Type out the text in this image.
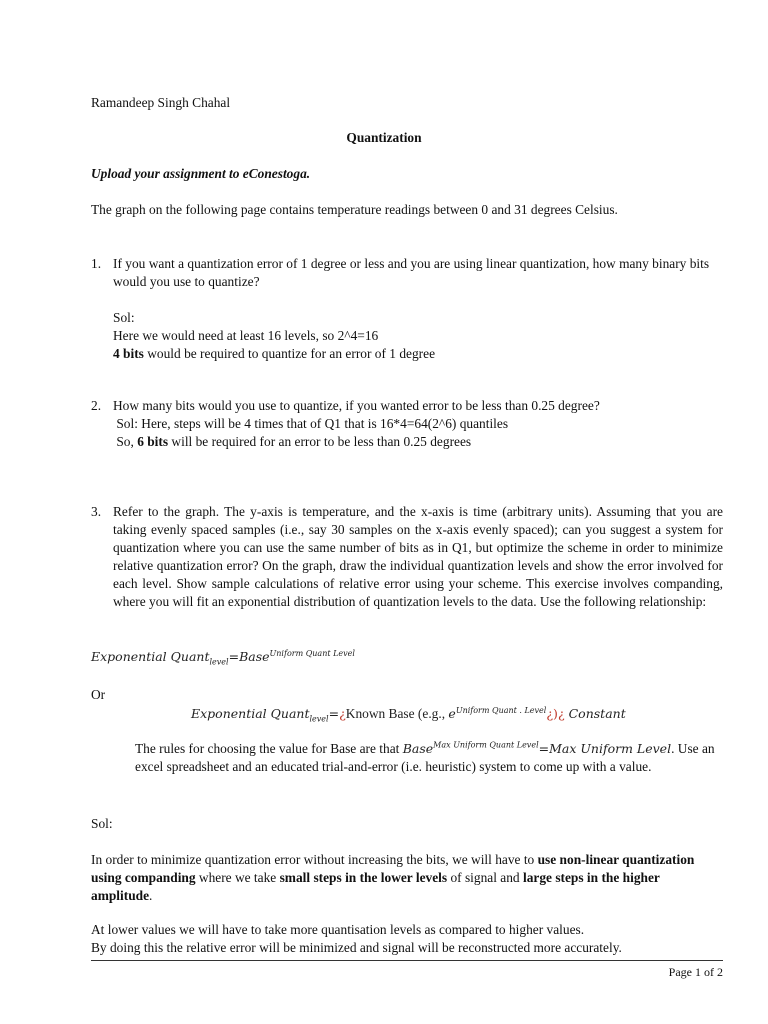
Ramandeep Singh Chahal
Quantization
Upload your assignment to eConestoga.
The graph on the following page contains temperature readings between 0 and 31 degrees Celsius.
1. If you want a quantization error of 1 degree or less and you are using linear quantization, how many binary bits would you use to quantize?

Sol:

Here we would need at least 16 levels, so 2^4=16

4 bits would be required to quantize for an error of 1 degree

2. How many bits would you use to quantize, if you wanted error to be less than 0.25 degree?

Sol: Here, steps will be 4 times that of Q1 that is 16*4=64(2^6) quantiles

So, 6 bits will be required for an error to be less than 0.25 degrees

3. Refer to the graph. The y-axis is temperature, and the x-axis is time (arbitrary units). Assuming that you are taking evenly spaced samples (i.e., say 30 samples on the x-axis evenly spaced); can you suggest a system for quantization where you can use the same number of bits as in Q1, but optimize the scheme in order to minimize relative quantization error? On the graph, draw the individual quantization levels and show the error involved for each level. Show sample calculations of relative error using your scheme. This exercise involves companding, where you will fit an exponential distribution of quantization levels to the data. Use the following relationship:

Exponential Quant$_{level}$=Base$^{Uniform Quant Level}$
Or
Exponential Quant$_{level}$=¿Known Base (e.g., $e^{Uniform Quant . Level}¿)¿$ Constant
The rules for choosing the value for Base are that Base$^{Max Uniform Quant Level}$=Max Uniform Level. Use an excel spreadsheet and an educated trial-and-error (i.e. heuristic) system to come up with a value.
Sol:
In order to minimize quantization error without increasing the bits, we will have to use non-linear quantization using companding where we take small steps in the lower levels of signal and large steps in the higher amplitude.

At lower values we will have to take more quantisation levels as compared to higher values.

By doing this the relative error will be minimized and signal will be reconstructed more accurately.

Page 1 of 2
